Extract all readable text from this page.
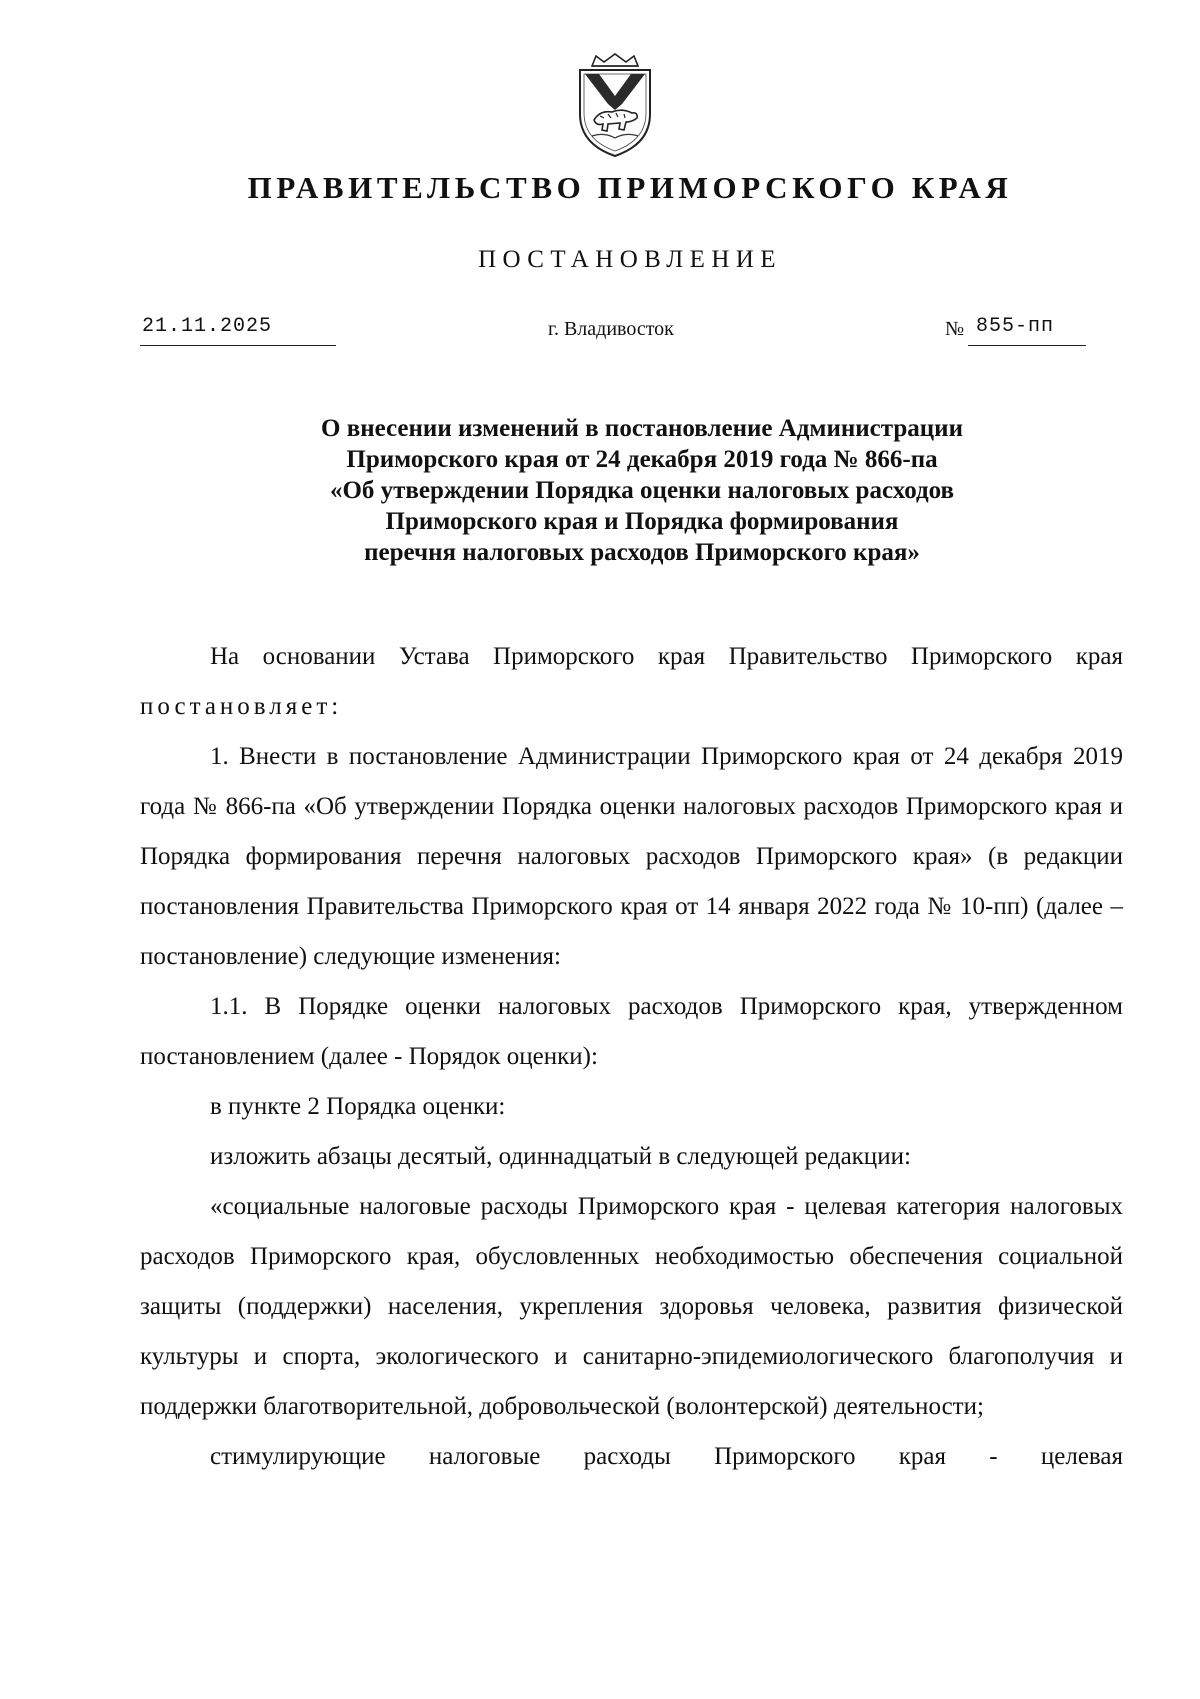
ПРАВИТЕЛЬСТВО ПРИМОРСКОГО КРАЯ
ПОСТАНОВЛЕНИЕ
21.11.2025	г. Владивосток	№ 855-пп
О внесении изменений в постановление Администрации
Приморского края от 24 декабря 2019 года № 866-па
«Об утверждении Порядка оценки налоговых расходов
Приморского края и Порядка формирования
перечня налоговых расходов Приморского края»

На основании Устава Приморского края Правительство Приморского края постановляет:

1. Внести в постановление Администрации Приморского края от 24 декабря 2019 года № 866-па «Об утверждении Порядка оценки налоговых расходов Приморского края и Порядка формирования перечня налоговых расходов Приморского края» (в редакции постановления Правительства Приморского края от 14 января 2022 года № 10-пп) (далее – постановление) следующие изменения:

1.1. В Порядке оценки налоговых расходов Приморского края, утвержденном постановлением (далее - Порядок оценки):

в пункте 2 Порядка оценки:

изложить абзацы десятый, одиннадцатый в следующей редакции:

«социальные налоговые расходы Приморского края - целевая категория налоговых расходов Приморского края, обусловленных необходимостью обеспечения социальной защиты (поддержки) населения, укрепления здоровья человека, развития физической культуры и спорта, экологического и санитарно-эпидемиологического благополучия и поддержки благотворительной, добровольческой (волонтерской) деятельности;

стимулирующие налоговые расходы Приморского края - целевая
